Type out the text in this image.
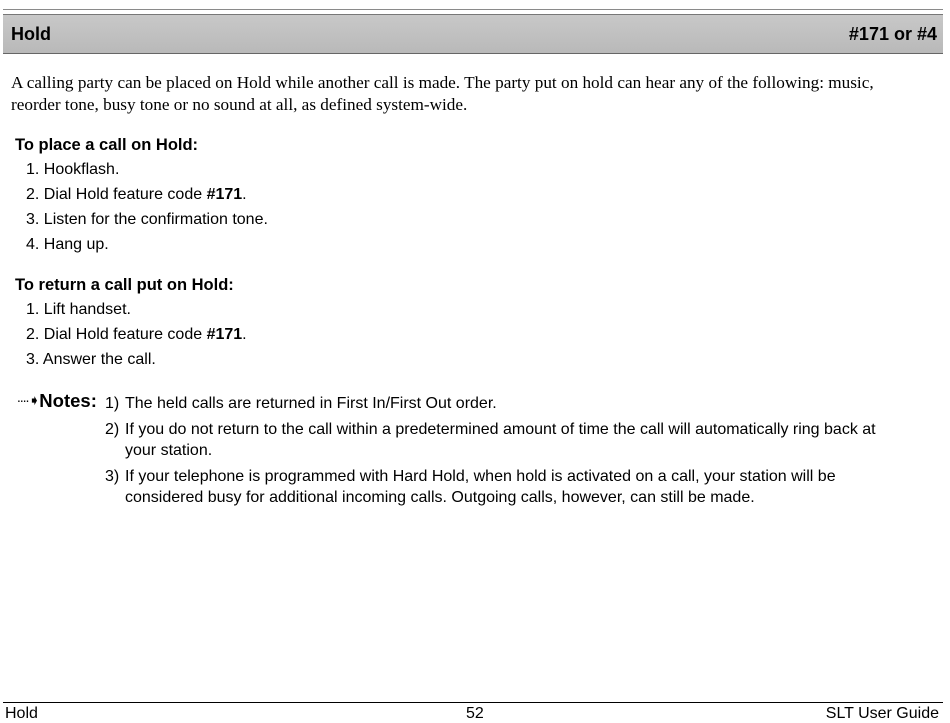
Hold	#171 or #4
A calling party can be placed on Hold while another call is made. The party put on hold can hear any of the following: music, reorder tone, busy tone or no sound at all, as defined system-wide.
To place a call on Hold:
1. Hookflash.
2. Dial Hold feature code #171.
3. Listen for the confirmation tone.
4. Hang up.
To return a call put on Hold:
1. Lift handset.
2. Dial Hold feature code #171.
3. Answer the call.
∙∙∙∙➧Notes: 1) The held calls are returned in First In/First Out order.
2) If you do not return to the call within a predetermined amount of time the call will automatically ring back at
your station.
3) If your telephone is programmed with Hard Hold, when hold is activated on a call, your station will be
considered busy for additional incoming calls. Outgoing calls, however, can still be made.
Hold	52	SLT User Guide
